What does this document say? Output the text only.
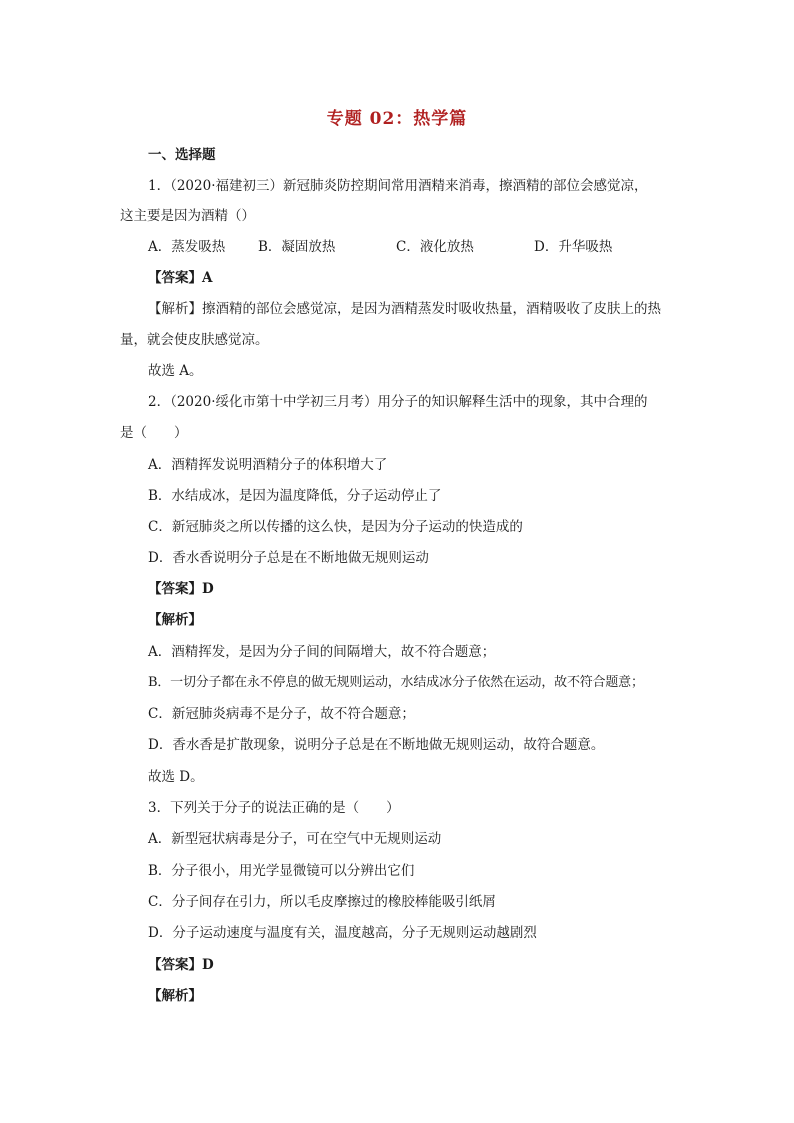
专题 02：热学篇
一、选择题
1．（2020·福建初三）新冠肺炎防控期间常用酒精来消毒，擦酒精的部位会感觉凉，
这主要是因为酒精（）
A．蒸发吸热 B．凝固放热	C．液化放热	D．升华吸热
【答案】A
【解析】擦酒精的部位会感觉凉，是因为酒精蒸发时吸收热量，酒精吸收了皮肤上的热
量，就会使皮肤感觉凉。
故选 A。
2．（2020·绥化市第十中学初三月考）用分子的知识解释生活中的现象，其中合理的
是（　　）
A．酒精挥发说明酒精分子的体积增大了
B．水结成冰，是因为温度降低，分子运动停止了
C．新冠肺炎之所以传播的这么快，是因为分子运动的快造成的
D．香水香说明分子总是在不断地做无规则运动
【答案】D
【解析】
A．酒精挥发，是因为分子间的间隔增大，故不符合题意；
B．一切分子都在永不停息的做无规则运动，水结成冰分子依然在运动，故不符合题意；
C．新冠肺炎病毒不是分子，故不符合题意；
D．香水香是扩散现象，说明分子总是在不断地做无规则运动，故符合题意。
故选 D。
3．下列关于分子的说法正确的是（　　）
A．新型冠状病毒是分子，可在空气中无规则运动
B．分子很小，用光学显微镜可以分辨出它们
C．分子间存在引力，所以毛皮摩擦过的橡胶棒能吸引纸屑
D．分子运动速度与温度有关，温度越高，分子无规则运动越剧烈
【答案】D
【解析】
